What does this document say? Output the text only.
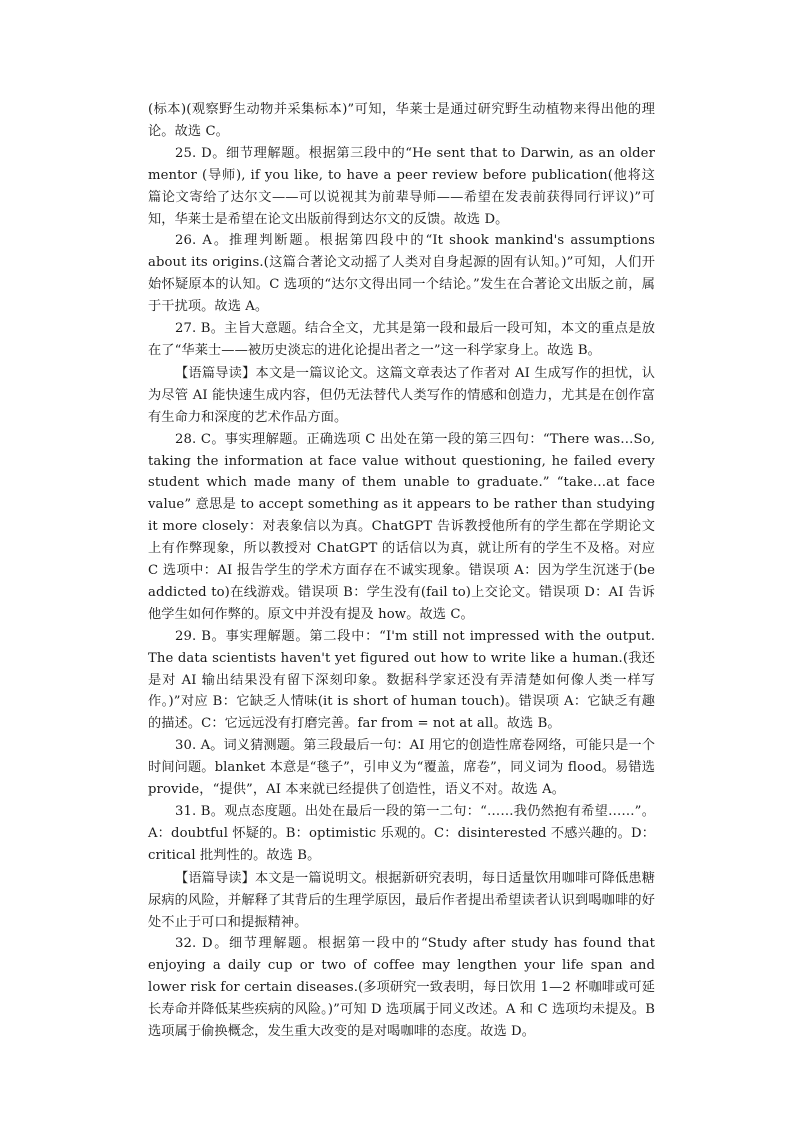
(标本)(观察野生动物并采集标本)”可知，华莱士是通过研究野生动植物来得出他的理论。故选 C。

25. D。细节理解题。根据第三段中的“He sent that to Darwin, as an older mentor (导师), if you like, to have a peer review before publication(他将这篇论文寄给了达尔文——可以说视其为前辈导师——希望在发表前获得同行评议)”可知，华莱士是希望在论文出版前得到达尔文的反馈。故选 D。

26. A。推理判断题。根据第四段中的“It shook mankind's assumptions about its origins.(这篇合著论文动摇了人类对自身起源的固有认知。)”可知，人们开始怀疑原本的认知。C 选项的“达尔文得出同一个结论。”发生在合著论文出版之前，属于干扰项。故选 A。

27. B。主旨大意题。结合全文，尤其是第一段和最后一段可知，本文的重点是放在了“华莱士——被历史淡忘的进化论提出者之一”这一科学家身上。故选 B。

【语篇导读】本文是一篇议论文。这篇文章表达了作者对 AI 生成写作的担忧，认为尽管 AI 能快速生成内容，但仍无法替代人类写作的情感和创造力，尤其是在创作富有生命力和深度的艺术作品方面。

28. C。事实理解题。正确选项 C 出处在第一段的第三四句：“There was…So, taking the information at face value without questioning, he failed every student which made many of them unable to graduate.” “take…at face value” 意思是 to accept something as it appears to be rather than studying it more closely：对表象信以为真。ChatGPT 告诉教授他所有的学生都在学期论文上有作弊现象，所以教授对 ChatGPT 的话信以为真，就让所有的学生不及格。对应 C 选项中：AI 报告学生的学术方面存在不诚实现象。错误项 A：因为学生沉迷于(be addicted to)在线游戏。错误项 B：学生没有(fail to)上交论文。错误项 D：AI 告诉他学生如何作弊的。原文中并没有提及 how。故选 C。

29. B。事实理解题。第二段中：“I'm still not impressed with the output. The data scientists haven't yet figured out how to write like a human.(我还是对 AI 输出结果没有留下深刻印象。数据科学家还没有弄清楚如何像人类一样写作。)”对应 B：它缺乏人情味(it is short of human touch)。错误项 A：它缺乏有趣的描述。C：它远远没有打磨完善。far from = not at all。故选 B。

30. A。词义猜测题。第三段最后一句：AI 用它的创造性席卷网络，可能只是一个时间问题。blanket 本意是“毯子”，引申义为“覆盖，席卷”，同义词为 flood。易错选 provide，“提供”，AI 本来就已经提供了创造性，语义不对。故选 A。

31. B。观点态度题。出处在最后一段的第一二句：“……我仍然抱有希望……”。A：doubtful 怀疑的。B：optimistic 乐观的。C：disinterested 不感兴趣的。D：critical 批判性的。故选 B。

【语篇导读】本文是一篇说明文。根据新研究表明，每日适量饮用咖啡可降低患糖尿病的风险，并解释了其背后的生理学原因，最后作者提出希望读者认识到喝咖啡的好处不止于可口和提振精神。

32. D。细节理解题。根据第一段中的“Study after study has found that enjoying a daily cup or two of coffee may lengthen your life span and lower risk for certain diseases.(多项研究一致表明，每日饮用 1—2 杯咖啡或可延长寿命并降低某些疾病的风险。)”可知 D 选项属于同义改述。A 和 C 选项均未提及。B 选项属于偷换概念，发生重大改变的是对喝咖啡的态度。故选 D。
